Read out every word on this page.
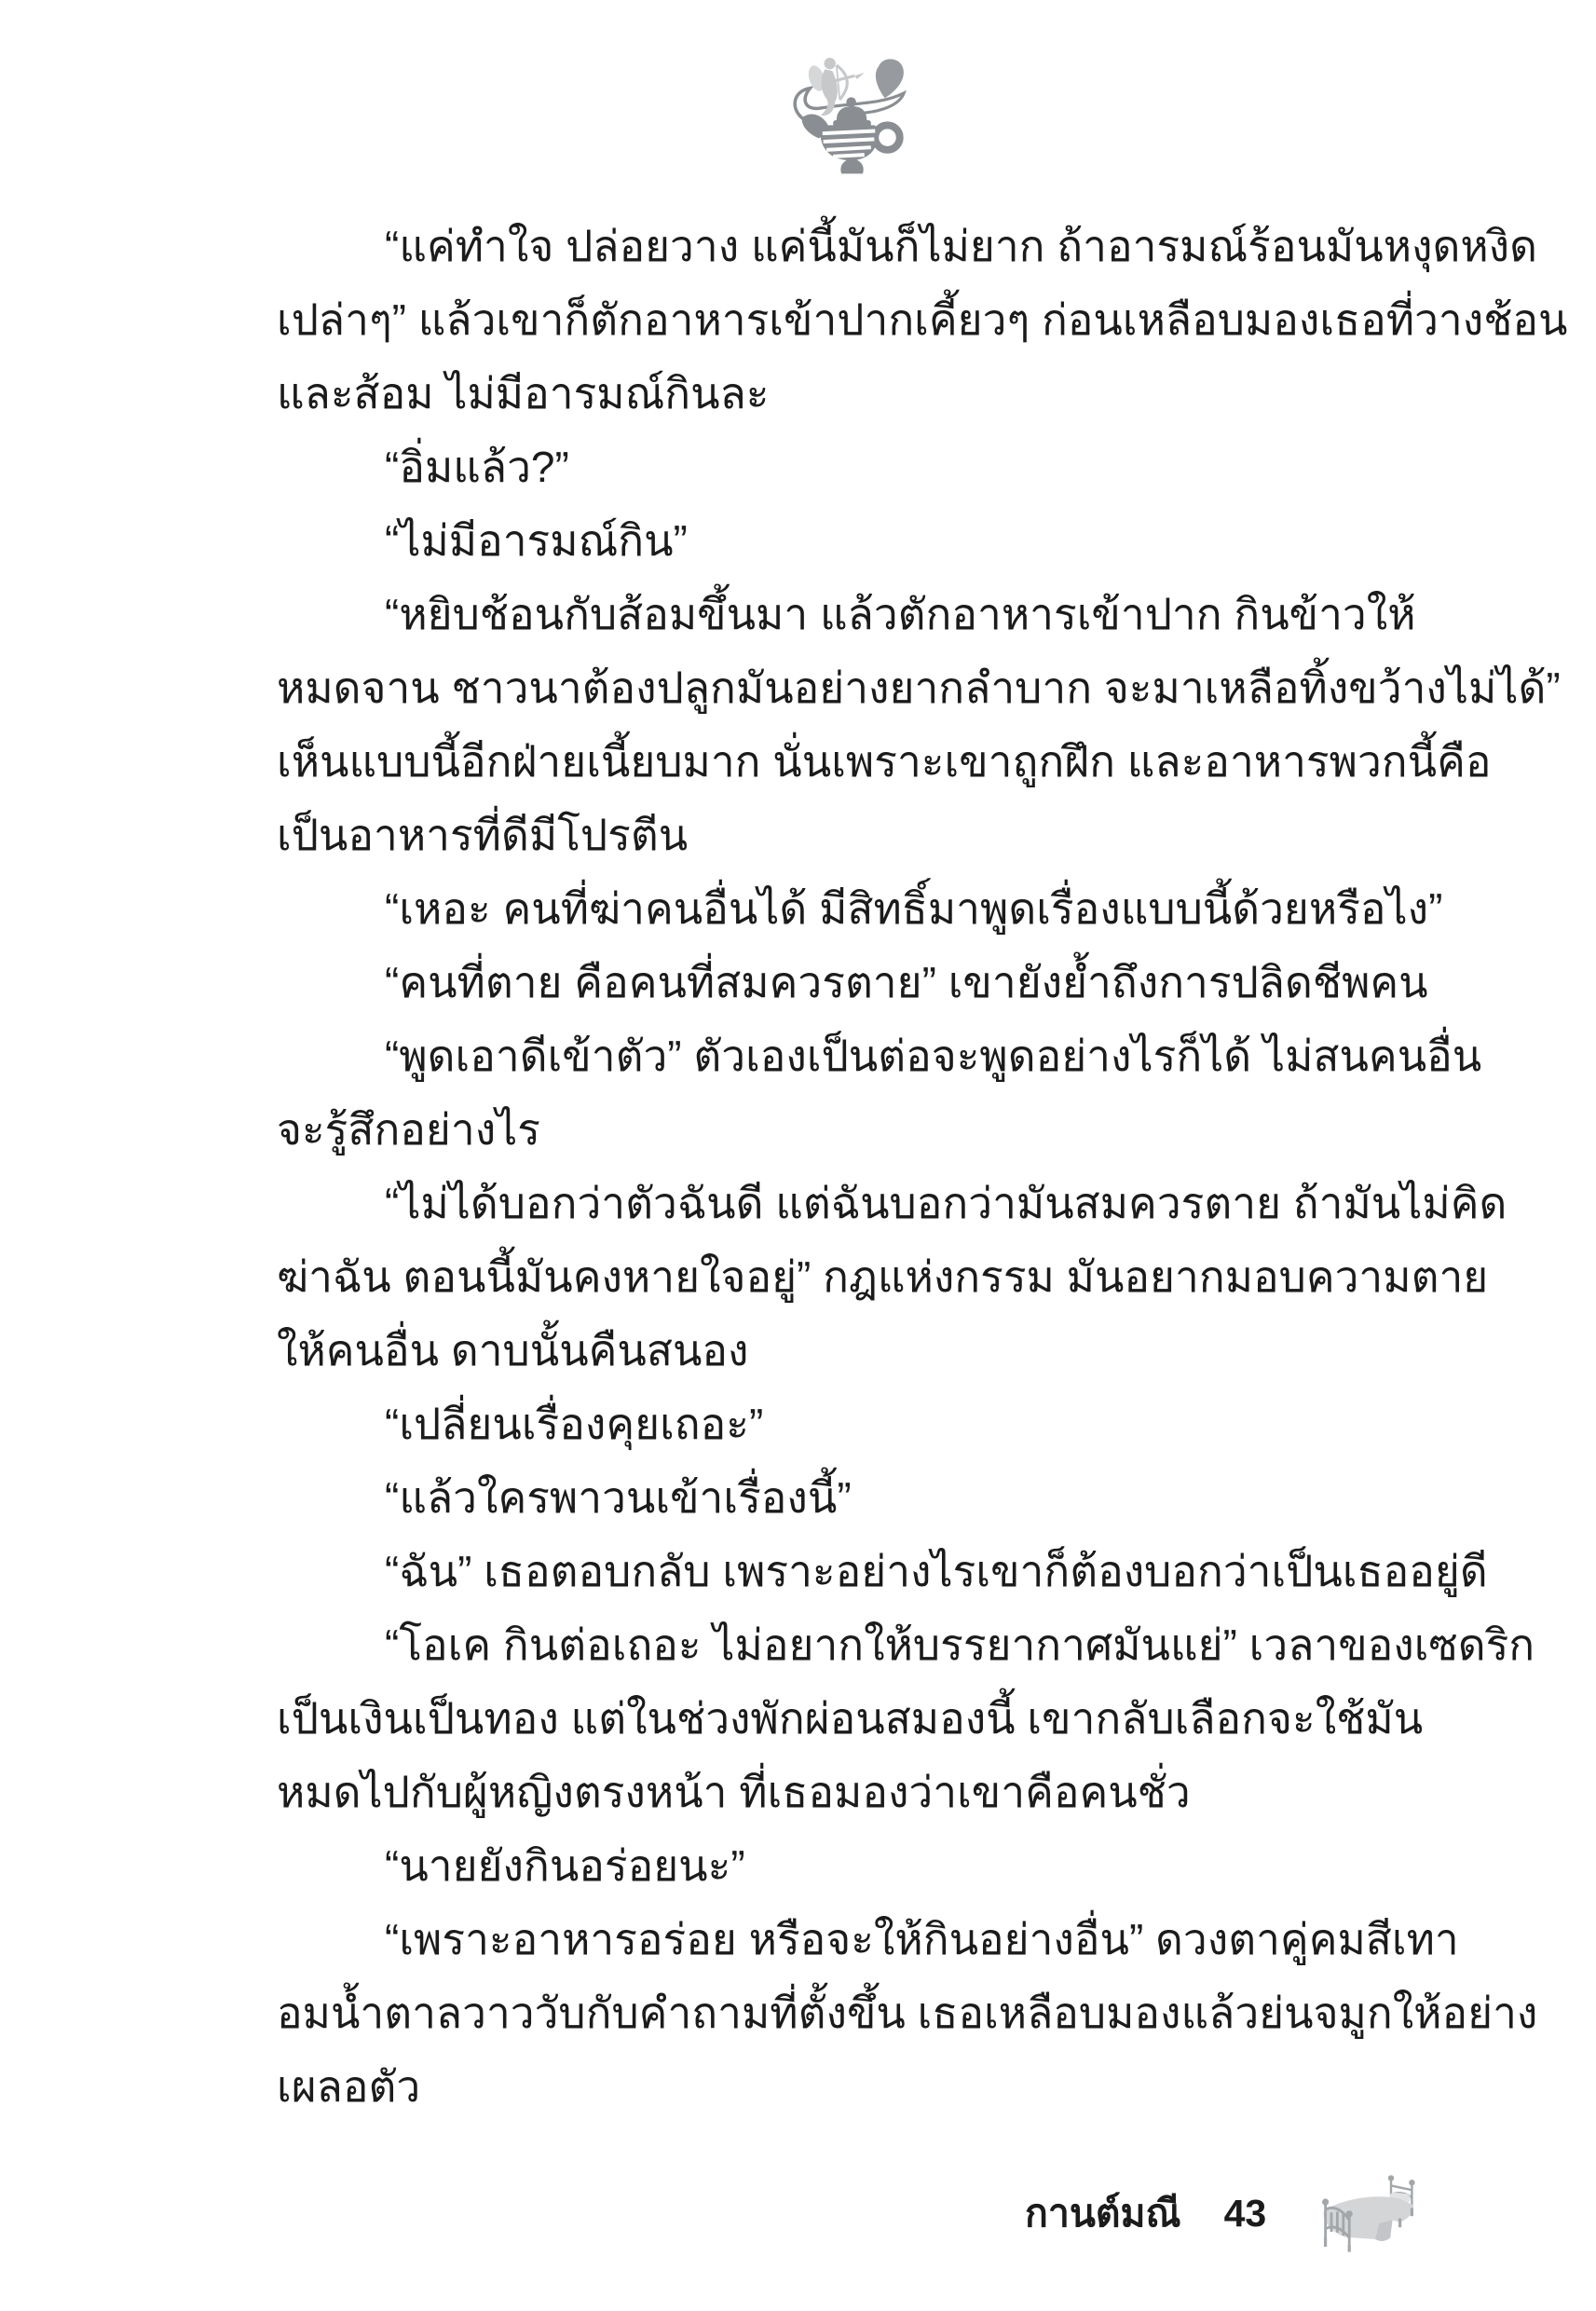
“แค่ทำใจ ปล่อยวาง แค่นี้มันก็ไม่ยาก ถ้าอารมณ์ร้อนมันหงุดหงิด
เปล่าๆ” แล้วเขาก็ตักอาหารเข้าปากเคี้ยวๆ ก่อนเหลือบมองเธอที่วางช้อน
และส้อม ไม่มีอารมณ์กินละ
“อิ่มแล้ว?”
“ไม่มีอารมณ์กิน”
“หยิบช้อนกับส้อมขึ้นมา แล้วตักอาหารเข้าปาก กินข้าวให้
หมดจาน ชาวนาต้องปลูกมันอย่างยากลำบาก จะมาเหลือทิ้งขว้างไม่ได้”
เห็นแบบนี้อีกฝ่ายเนี้ยบมาก นั่นเพราะเขาถูกฝึก และอาหารพวกนี้คือ
เป็นอาหารที่ดีมีโปรตีน
“เหอะ คนที่ฆ่าคนอื่นได้ มีสิทธิ์มาพูดเรื่องแบบนี้ด้วยหรือไง”
“คนที่ตาย คือคนที่สมควรตาย” เขายังย้ำถึงการปลิดชีพคน
“พูดเอาดีเข้าตัว” ตัวเองเป็นต่อจะพูดอย่างไรก็ได้ ไม่สนคนอื่น
จะรู้สึกอย่างไร
“ไม่ได้บอกว่าตัวฉันดี แต่ฉันบอกว่ามันสมควรตาย ถ้ามันไม่คิด
ฆ่าฉัน ตอนนี้มันคงหายใจอยู่” กฎแห่งกรรม มันอยากมอบความตาย
ให้คนอื่น ดาบนั้นคืนสนอง
“เปลี่ยนเรื่องคุยเถอะ”
“แล้วใครพาวนเข้าเรื่องนี้”
“ฉัน” เธอตอบกลับ เพราะอย่างไรเขาก็ต้องบอกว่าเป็นเธออยู่ดี
“โอเค กินต่อเถอะ ไม่อยากให้บรรยากาศมันแย่” เวลาของเซดริก
เป็นเงินเป็นทอง แต่ในช่วงพักผ่อนสมองนี้ เขากลับเลือกจะใช้มัน
หมดไปกับผู้หญิงตรงหน้า ที่เธอมองว่าเขาคือคนชั่ว
“นายยังกินอร่อยนะ”
“เพราะอาหารอร่อย หรือจะให้กินอย่างอื่น” ดวงตาคู่คมสีเทา
อมน้ำตาลวาววับกับคำถามที่ตั้งขึ้น เธอเหลือบมองแล้วย่นจมูกให้อย่าง
เผลอตัว
กานต์มณี 43
